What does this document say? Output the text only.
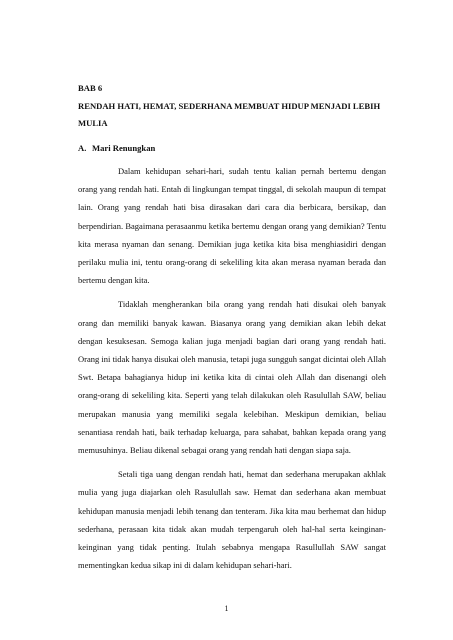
BAB 6
RENDAH HATI, HEMAT, SEDERHANA MEMBUAT HIDUP MENJADI LEBIH MULIA
A. Mari Renungkan

Dalam kehidupan sehari-hari, sudah tentu kalian pernah bertemu dengan orang yang rendah hati. Entah di lingkungan tempat tinggal, di sekolah maupun di tempat lain. Orang yang rendah hati bisa dirasakan dari cara dia berbicara, bersikap, dan berpendirian. Bagaimana perasaanmu ketika bertemu dengan orang yang demikian? Tentu kita merasa nyaman dan senang. Demikian juga ketika kita bisa menghiasidiri dengan perilaku mulia ini, tentu orang-orang di sekeliling kita akan merasa nyaman berada dan bertemu dengan kita.

Tidaklah mengherankan bila orang yang rendah hati disukai oleh banyak orang dan memiliki banyak kawan. Biasanya orang yang demikian akan lebih dekat dengan kesuksesan. Semoga kalian juga menjadi bagian dari orang yang rendah hati. Orang ini tidak hanya disukai oleh manusia, tetapi juga sungguh sangat dicintai oleh Allah Swt. Betapa bahagianya hidup ini ketika kita di cintai oleh Allah dan disenangi oleh orang-orang di sekeliling kita. Seperti yang telah dilakukan oleh Rasulullah SAW, beliau merupakan manusia yang memiliki segala kelebihan. Meskipun demikian, beliau senantiasa rendah hati, baik terhadap keluarga, para sahabat, bahkan kepada orang yang memusuhinya. Beliau dikenal sebagai orang yang rendah hati dengan siapa saja.

Setali tiga uang dengan rendah hati, hemat dan sederhana merupakan akhlak mulia yang juga diajarkan oleh Rasulullah saw. Hemat dan sederhana akan membuat kehidupan manusia menjadi lebih tenang dan tenteram. Jika kita mau berhemat dan hidup sederhana, perasaan kita tidak akan mudah terpengaruh oleh hal-hal serta keinginan-keinginan yang tidak penting. Itulah sebabnya mengapa Rasullullah SAW sangat mementingkan kedua sikap ini di dalam kehidupan sehari-hari.

1
